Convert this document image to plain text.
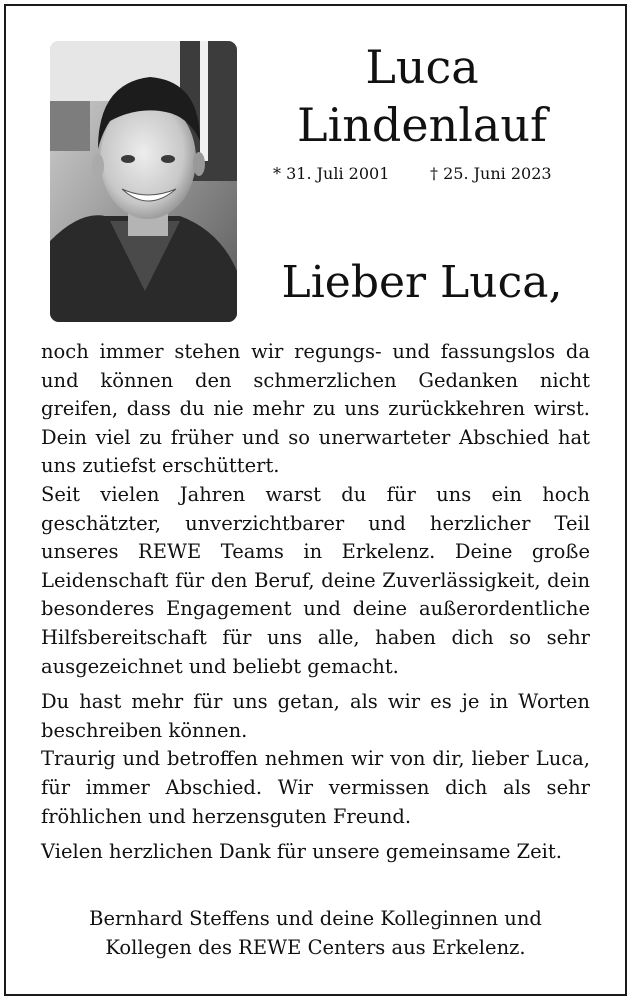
Luca
Lindenlauf
* 31. Juli 2001	† 25. Juni 2023
Lieber Luca,

noch immer stehen wir regungs- und fassungslos da und können den schmerzlichen Gedanken nicht greifen, dass du nie mehr zu uns zurückkehren wirst. Dein viel zu früher und so unerwarteter Abschied hat uns zutiefst erschüttert.

Seit vielen Jahren warst du für uns ein hoch geschätzter, unverzichtbarer und herzlicher Teil unseres REWE Teams in Erkelenz. Deine große Leidenschaft für den Beruf, deine Zuverlässigkeit, dein besonderes Engagement und deine außerordentliche Hilfsbereitschaft für uns alle, haben dich so sehr ausgezeichnet und beliebt gemacht.

Du hast mehr für uns getan, als wir es je in Worten beschreiben können.

Traurig und betroffen nehmen wir von dir, lieber Luca, für immer Abschied. Wir vermissen dich als sehr fröhlichen und herzensguten Freund.

Vielen herzlichen Dank für unsere gemeinsame Zeit.

Bernhard Steffens und deine Kolleginnen und
Kollegen des REWE Centers aus Erkelenz.
